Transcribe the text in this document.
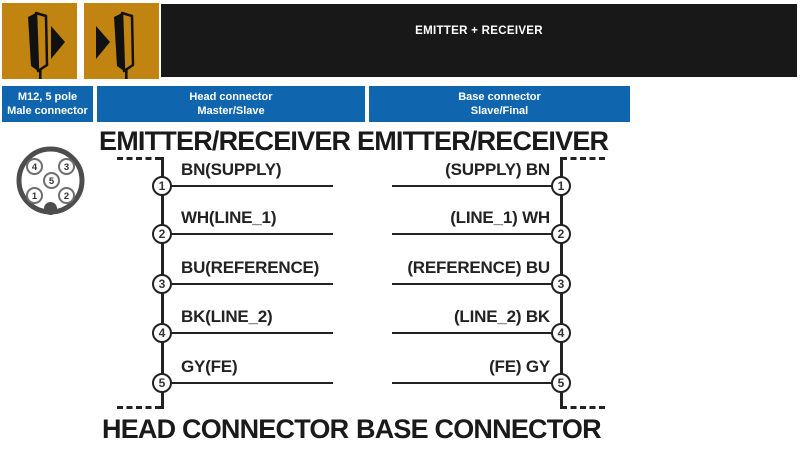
EMITTER + RECEIVER
M12, 5 pole
Male connector
Head connector
Master/Slave
Base connector
Slave/Final
4	3
5
1	2
EMITTER/RECEIVER EMITTER/RECEIVER
1
2
3
4
5
BN(SUPPLY)
WH(LINE_1)
BU(REFERENCE)
BK(LINE_2)
GY(FE)
1
2
3
4
5
(SUPPLY) BN
(LINE_1) WH
(REFERENCE) BU
(LINE_2) BK
(FE) GY
HEAD CONNECTOR BASE CONNECTOR
